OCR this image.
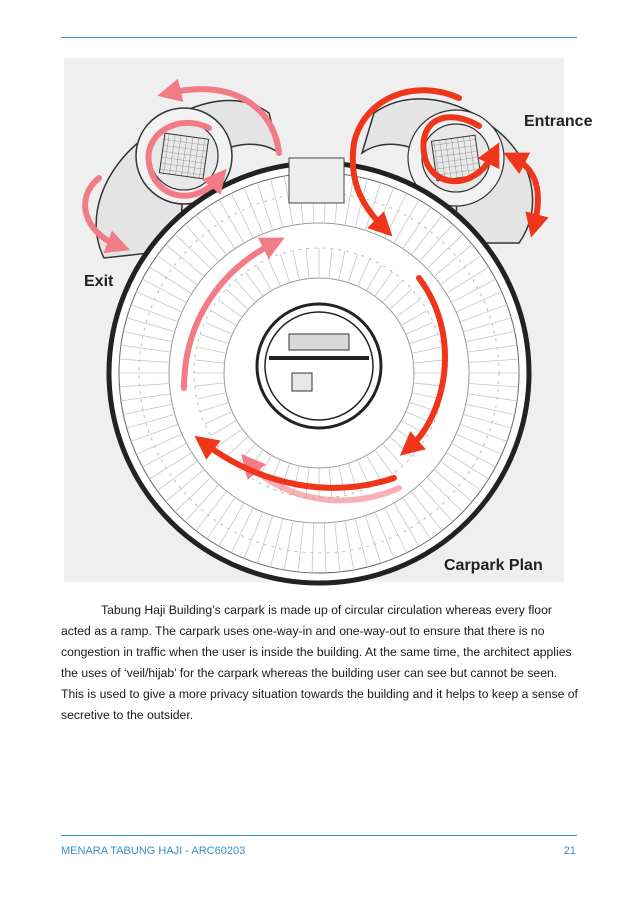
Entrance
Exit
Carpark Plan

Tabung Haji Building’s carpark is made up of circular circulation whereas every floor acted as a ramp. The carpark uses one-way-in and one-way-out to ensure that there is no congestion in traffic when the user is inside the building. At the same time, the architect applies the uses of ‘veil/hijab’ for the carpark whereas the building user can see but cannot be seen. This is used to give a more privacy situation towards the building and it helps to keep a sense of secretive to the outsider.

MENARA TABUNG HAJI - ARC60203	21
